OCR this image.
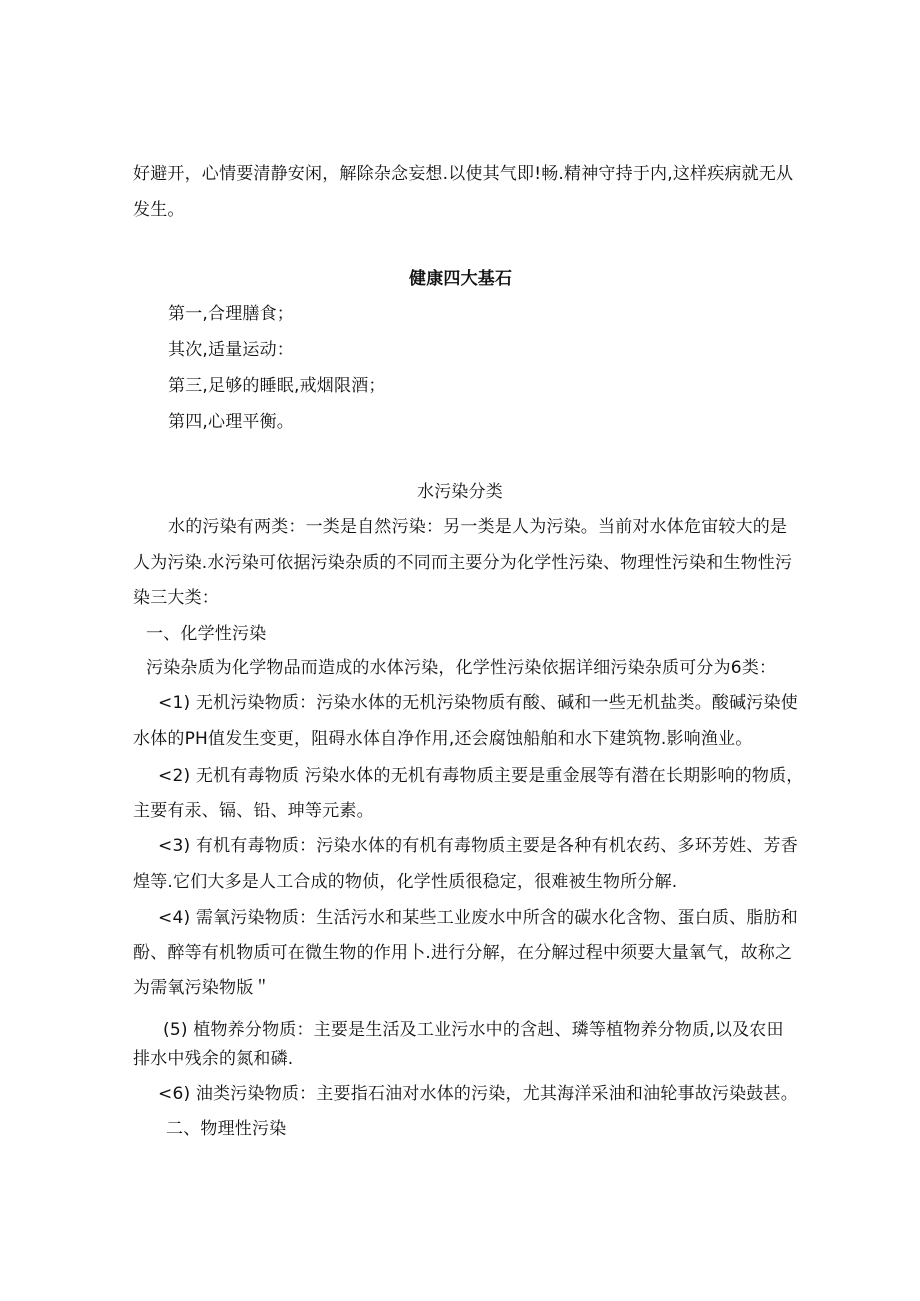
好避开，心情要清静安闲，解除杂念妄想.以使其气即!畅.精神守持于内,这样疾病就无从
发生。
健康四大基石
第一,合理膳食；
其次,适量运动：
第三,足够的睡眠,戒烟限酒；
第四,心理平衡。
水污染分类
水的污染有两类：一类是自然污染：另一类是人为污染。当前对水体危宙较大的是
人为污染.水污染可依据污染杂质的不同而主要分为化学性污染、物理性污染和生物性污
染三大类：
一、化学性污染
污染杂质为化学物品而造成的水体污染，化学性污染依据详细污染杂质可分为6类：
<1) 无机污染物质：污染水体的无机污染物质有酸、碱和一些无机盐类。酸碱污染使
水体的PH值发生变更，阻碍水体自净作用,还会腐蚀船舶和水下建筑物.影响渔业。
<2) 无机有毒物质 污染水体的无机有毒物质主要是重金展等有潜在长期影响的物质，
主要有汞、镉、铅、珅等元素。
<3) 有机有毒物质：污染水体的有机有毒物质主要是各种有机农药、多环芳姓、芳香
煌等.它们大多是人工合成的物侦，化学性质很稳定，很难被生物所分解.
<4) 需氧污染物质：生活污水和某些工业废水中所含的碳水化含物、蛋白质、脂肪和
酚、醉等有机物质可在微生物的作用卜.进行分解，在分解过程中须要大量氧气，故称之
为需氧污染物版＂
(5) 植物养分物质：主要是生活及工业污水中的含赳、璘等植物养分物质,以及农田
排水中残余的氮和磷.
<6) 油类污染物质：主要指石油对水体的污染，尤其海洋采油和油轮事故污染鼓甚。
二、物理性污染
